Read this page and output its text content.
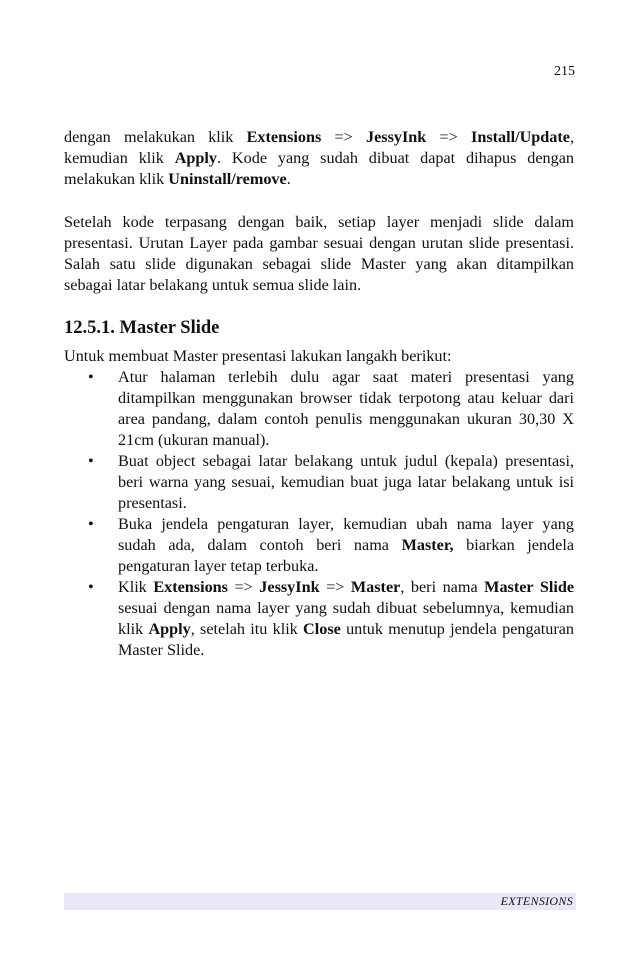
215

dengan melakukan klik Extensions => JessyInk => Install/Update, kemudian klik Apply. Kode yang sudah dibuat dapat dihapus dengan melakukan klik Uninstall/remove.

Setelah kode terpasang dengan baik, setiap layer menjadi slide dalam presentasi. Urutan Layer pada gambar sesuai dengan urutan slide presentasi. Salah satu slide digunakan sebagai slide Master yang akan ditampilkan sebagai latar belakang untuk semua slide lain.

12.5.1. Master Slide

Untuk membuat Master presentasi lakukan langakh berikut:

• Atur halaman terlebih dulu agar saat materi presentasi yang ditampilkan menggunakan browser tidak terpotong atau keluar dari area pandang, dalam contoh penulis menggunakan ukuran 30,30 X 21cm (ukuran manual).
• Buat object sebagai latar belakang untuk judul (kepala) presentasi, beri warna yang sesuai, kemudian buat juga latar belakang untuk isi presentasi.
• Buka jendela pengaturan layer, kemudian ubah nama layer yang sudah ada, dalam contoh beri nama Master, biarkan jendela pengaturan layer tetap terbuka.
• Klik Extensions => JessyInk => Master, beri nama Master Slide sesuai dengan nama layer yang sudah dibuat sebelumnya, kemudian klik Apply, setelah itu klik Close untuk menutup jendela pengaturan Master Slide.
EXTENSIONS
